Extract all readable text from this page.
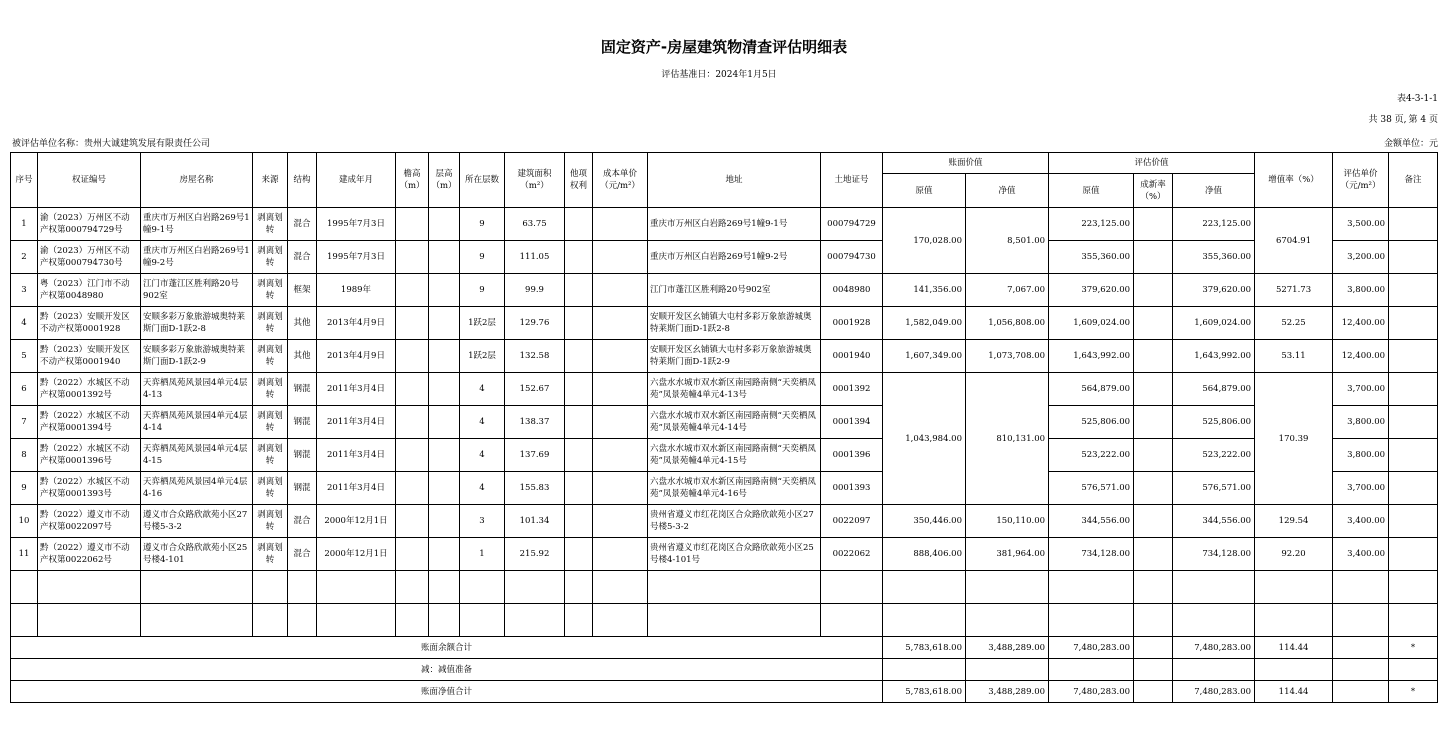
固定资产-房屋建筑物清查评估明细表
评估基准日：2024年1月5日
表4-3-1-1
共 38 页, 第 4 页
被评估单位名称：贵州大诚建筑发展有限责任公司	金额单位：元
序号	权证编号	房屋名称	来源	结构	建成年月	檐高（m）	层高（m）	所在层数	建筑面积（m²）	他项权利	成本单价（元/m²）	地址	土地证号	账面价值		评估价值			增值率（%）	评估单价（元/m²）	备注
														原值	净值	原值	成新率（%）	净值			
1	渝（2023）万州区不动产权第000794729号	重庆市万州区白岩路269号1幢9-1号	剥离划转	混合	1995年7月3日			9	63.75			重庆市万州区白岩路269号1幢9-1号	000794729	170,028.00	8,501.00	223,125.00		223,125.00	6704.91	3,500.00	
2	渝（2023）万州区不动产权第000794730号	重庆市万州区白岩路269号1幢9-2号	剥离划转	混合	1995年7月3日			9	111.05			重庆市万州区白岩路269号1幢9-2号	000794730			355,360.00		355,360.00		3,200.00	
3	粤（2023）江门市不动产权第0048980	江门市蓬江区胜利路20号902室	剥离划转	框架	1989年			9	99.9			江门市蓬江区胜利路20号902室	0048980	141,356.00	7,067.00	379,620.00		379,620.00	5271.73	3,800.00	
4	黔（2023）安顺开发区不动产权第0001928	安顺多彩万象旅游城奥特莱斯门面D-1跃2-8	剥离划转	其他	2013年4月9日			1跃2层	129.76			安顺开发区幺铺镇大屯村多彩万象旅游城奥特莱斯门面D-1跃2-8	0001928	1,582,049.00	1,056,808.00	1,609,024.00		1,609,024.00	52.25	12,400.00	
5	黔（2023）安顺开发区不动产权第0001940	安顺多彩万象旅游城奥特莱斯门面D-1跃2-9	剥离划转	其他	2013年4月9日			1跃2层	132.58			安顺开发区幺铺镇大屯村多彩万象旅游城奥特莱斯门面D-1跃2-9	0001940	1,607,349.00	1,073,708.00	1,643,992.00		1,643,992.00	53.11	12,400.00	
6	黔（2022）水城区不动产权第0001392号	天弈栖凤苑风景园4单元4层4-13	剥离划转	钢混	2011年3月4日			4	152.67			六盘水水城市双水新区南园路南侧“天奕栖凤苑”凤景苑幢4单元4-13号	0001392	1,043,984.00	810,131.00	564,879.00		564,879.00	170.39	3,700.00	
7	黔（2022）水城区不动产权第0001394号	天弈栖凤苑风景园4单元4层4-14	剥离划转	钢混	2011年3月4日			4	138.37			六盘水水城市双水新区南园路南侧“天奕栖凤苑”凤景苑幢4单元4-14号	0001394			525,806.00		525,806.00		3,800.00	
8	黔（2022）水城区不动产权第0001396号	天弈栖凤苑风景园4单元4层4-15	剥离划转	钢混	2011年3月4日			4	137.69			六盘水水城市双水新区南园路南侧“天奕栖凤苑”凤景苑幢4单元4-15号	0001396			523,222.00		523,222.00		3,800.00	
9	黔（2022）水城区不动产权第0001393号	天弈栖凤苑风景园4单元4层4-16	剥离划转	钢混	2011年3月4日			4	155.83			六盘水水城市双水新区南园路南侧“天奕栖凤苑”凤景苑幢4单元4-16号	0001393			576,571.00		576,571.00		3,700.00	
10	黔（2022）遵义市不动产权第0022097号	遵义市合众路欣歆苑小区27号楼5-3-2	剥离划转	混合	2000年12月1日			3	101.34			贵州省遵义市红花岗区合众路欣歆苑小区27号楼5-3-2	0022097	350,446.00	150,110.00	344,556.00		344,556.00	129.54	3,400.00	
11	黔（2022）遵义市不动产权第0022062号	遵义市合众路欣歆苑小区25号楼4-101	剥离划转	混合	2000年12月1日			1	215.92			贵州省遵义市红花岗区合众路欣歆苑小区25号楼4-101号	0022062	888,406.00	381,964.00	734,128.00		734,128.00	92.20	3,400.00	

账面余额合计														5,783,618.00	3,488,289.00	7,480,283.00		7,480,283.00	114.44		*
减：减值准备																					
账面净值合计														5,783,618.00	3,488,289.00	7,480,283.00		7,480,283.00	114.44		*
